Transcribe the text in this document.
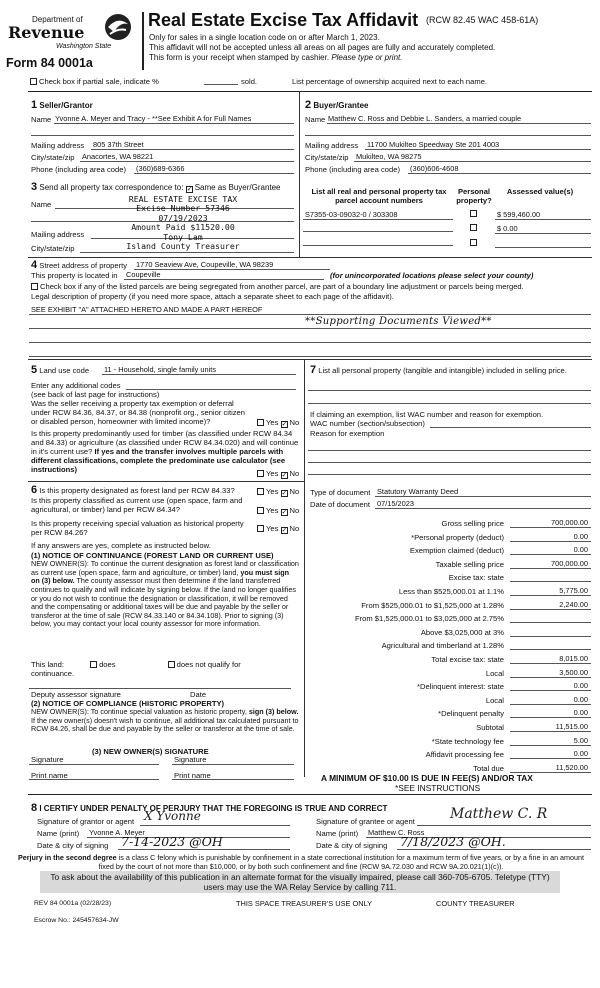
Department of
Revenue
Washington State
Form 84 0001a
Real Estate Excise Tax Affidavit (RCW 82.45 WAC 458-61A)
Only for sales in a single location code on or after March 1, 2023.
This affidavit will not be accepted unless all areas on all pages are fully and accurately completed.
This form is your receipt when stamped by cashier. Please type or print.
Check box if partial sale, indicate %	sold.	List percentage of ownership acquired next to each name.
1 Seller/Grantor
Name Yvonne A. Meyer and Tracy - **See Exhibit A for Full Names
Mailing address 805 37th Street
City/state/zip Anacortes, WA 98221
Phone (including area code) (360)689-6366
2 Buyer/Grantee
Name Matthew C. Ross and Debbie L. Sanders, a married couple
Mailing address 11700 Mukilteo Speedway Ste 201 4003
City/state/zip Mukilteo, WA 98275
Phone (including area code) (360)606-4608
3 Send all property tax correspondence to: ✓ Same as Buyer/Grantee
Name
Mailing address
City/state/zip
REAL ESTATE EXCISE TAX
Excise Number 57346
07/19/2023
Amount Paid $11520.00
Tony Lam
Island County Treasurer
List all real and personal property tax parcel account numbers
Personal property?
Assessed value(s)
S7355-03-09032-0 / 303308	$ 599,460.00
$ 0.00
4 Street address of property 1770 Seaview Ave, Coupeville, WA 98239
This property is located in Coupeville	(for unincorporated locations please select your county)
Check box if any of the listed parcels are being segregated from another parcel, are part of a boundary line adjustment or parcels being merged.
Legal description of property (if you need more space, attach a separate sheet to each page of the affidavit).
SEE EXHIBIT "A" ATTACHED HERETO AND MADE A PART HEREOF
**Supporting Documents Viewed**
5 Land use code 11 - Household, single family units
Enter any additional codes
(see back of last page for instructions)
Was the seller receiving a property tax exemption or deferral under RCW 84.36, 84.37, or 84.38 (nonprofit org., senior citizen or disabled person, homeowner with limited income)?	Yes ✓ No
Is this property predominantly used for timber (as classified under RCW 84.34 and 84.33) or agriculture (as classified under RCW 84.34.020) and will continue in it's current use? If yes and the transfer involves multiple parcels with different classifications, complete the predominate use calculator (see instructions)	Yes ✓ No
6 Is this property designated as forest land per RCW 84.33?	Yes ✓ No
Is this property classified as current use (open space, farm and agricultural, or timber) land per RCW 84.34?	Yes ✓ No
Is this property receiving special valuation as historical property per RCW 84.26?	Yes ✓ No
If any answers are yes, complete as instructed below.
(1) NOTICE OF CONTINUANCE (FOREST LAND OR CURRENT USE)
NEW OWNER(S): To continue the current designation as forest land or classification as current use (open space, farm and agriculture, or timber) land, you must sign on (3) below. The county assessor must then determine if the land transferred continues to qualify and will indicate by signing below. If the land no longer qualifies or you do not wish to continue the designation or classification, it will be removed and the compensating or additional taxes will be due and payable by the seller or transferor at the time of sale (RCW 84.33.140 or 84.34.108). Prior to signing (3) below, you may contact your local county assessor for more information.
This land:	does	does not qualify for
continuance.
Deputy assessor signature	Date
(2) NOTICE OF COMPLIANCE (HISTORIC PROPERTY)
NEW OWNER(S): To continue special valuation as historic property, sign (3) below. If the new owner(s) doesn't wish to continue, all additional tax calculated pursuant to RCW 84.26, shall be due and payable by the seller or transferor at the time of sale.
(3) NEW OWNER(S) SIGNATURE
Signature	Signature
Print name	Print name
7 List all personal property (tangible and intangible) included in selling price.
If claiming an exemption, list WAC number and reason for exemption.
WAC number (section/subsection)
Reason for exemption
Type of document Statutory Warranty Deed
Date of document 07/15/2023
Gross selling price	700,000.00
*Personal property (deduct)	0.00
Exemption claimed (deduct)	0.00
Taxable selling price	700,000.00
Excise tax: state
Less than $525,000.01 at 1.1%	5,775.00
From $525,000.01 to $1,525,000 at 1.28%	2,240.00
From $1,525,000.01 to $3,025,000 at 2.75%
Above $3,025,000 at 3%
Agricultural and timberland at 1.28%
Total excise tax: state	8,015.00
Local	3,500.00
*Delinquent interest: state	0.00
Local	0.00
*Delinquent penalty	0.00
Subtotal	11,515.00
*State technology fee	5.00
Affidavit processing fee	0.00
Total due	11,520.00
A MINIMUM OF $10.00 IS DUE IN FEE(S) AND/OR TAX
*SEE INSTRUCTIONS
8 I CERTIFY UNDER PENALTY OF PERJURY THAT THE FOREGOING IS TRUE AND CORRECT
Signature of grantor or agent X Yvonne
Name (print) Yvonne A. Meyer
Date & city of signing 7-14-2023 @OH
Signature of grantee or agent	Matthew C. R
Name (print) Matthew C. Ross
Date & city of signing 7/18/2023 @OH.
Perjury in the second degree is a class C felony which is punishable by confinement in a state correctional institution for a maximum term of five years, or by a fine in an amount fixed by the court of not more than $10,000, or by both such confinement and fine (RCW 9A.72.030 and RCW 9A.20.021(1)(c)).
To ask about the availability of this publication in an alternate format for the visually impaired, please call 360-705-6705. Teletype (TTY) users may use the WA Relay Service by calling 711.
REV 84 0001a (02/28/23)	THIS SPACE TREASURER'S USE ONLY	COUNTY TREASURER
Escrow No.: 245457634-JW
